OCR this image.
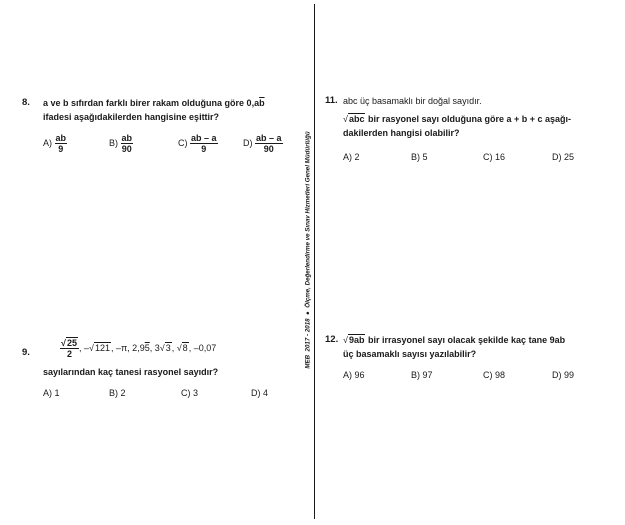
MEB  2017 - 2018  ●  Ölçme, Değerlendirme ve Sınav Hizmetleri Genel Müdürlüğü
8. a ve b sıfırdan farklı birer rakam olduğuna göre $0,a\overline{b}$
ifadesi aşağıdakilerden hangisine eşittir?
$A) \frac{ab}{9}$	$B) \frac{ab}{90}$	$C) \frac{ab - a}{9}$	$D) \frac{ab - a}{90}$
9.	$\frac{√25}{2}$ , –√121, –π, 2,95, 3√3, √8, –0,07
sayılarından kaç tanesi rasyonel sayıdır?
A) 1	B) 2	C) 3	D) 4
11. abc üç basamaklı bir doğal sayıdır.
√abc bir rasyonel sayı olduğuna göre a + b + c aşağı-
dakilerden hangisi olabilir?
A) 2	B) 5	C) 16	D) 25
12. √9ab bir irrasyonel sayı olacak şekilde kaç tane 9ab
üç basamaklı sayısı yazılabilir?
A) 96	B) 97	C) 98	D) 99
